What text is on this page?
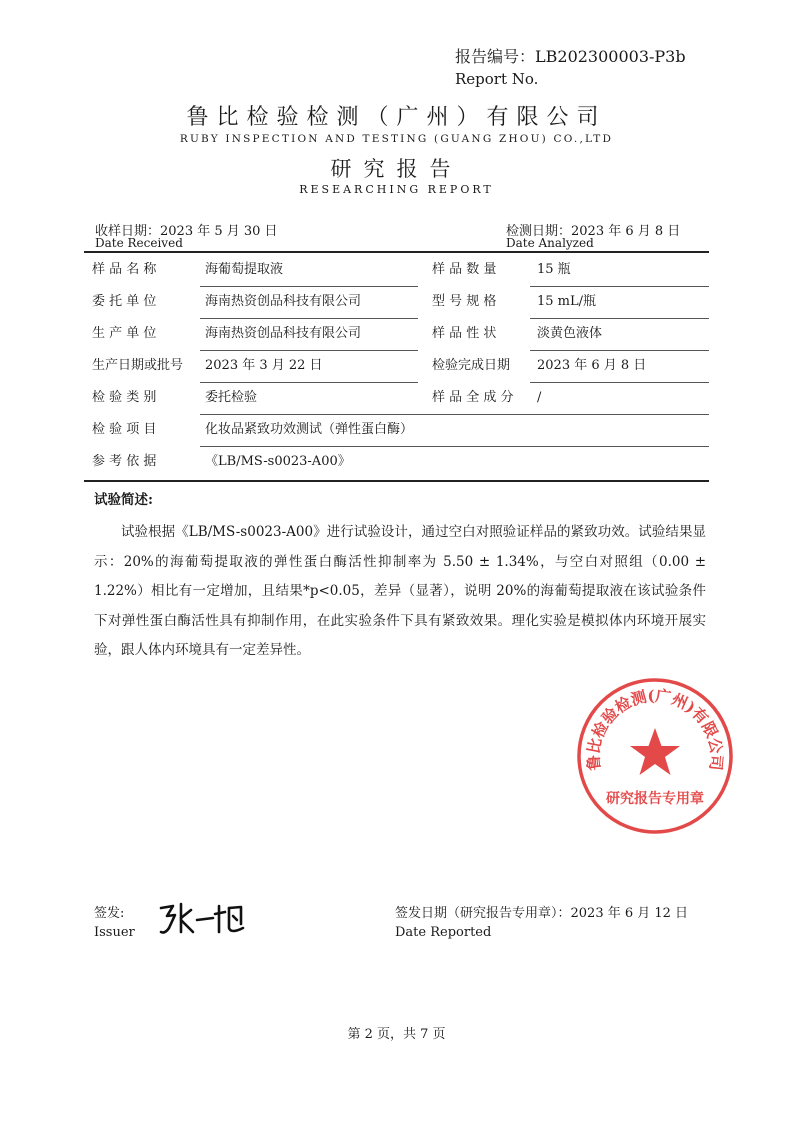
报告编号：LB202300003-P3b
Report No.
鲁比检验检测（广州）有限公司
RUBY INSPECTION AND TESTING (GUANG ZHOU) CO.,LTD
研究报告
RESEARCHING REPORT
收样日期：2023 年 5 月 30 日
Date Received
检测日期：2023 年 6 月 8 日
Date Analyzed
样 品 名 称	海葡萄提取液	样 品 数 量	15 瓶
委 托 单 位	海南热资创品科技有限公司	型 号 规 格	15 mL/瓶
生 产 单 位	海南热资创品科技有限公司	样 品 性 状	淡黄色液体
生产日期或批号 2023 年 3 月 22 日	检验完成日期 2023 年 6 月 8 日
检 验 类 别	委托检验	样 品 全 成 分 /
检 验 项 目	化妆品紧致功效测试（弹性蛋白酶）
参 考 依 据	《LB/MS-s0023-A00》
试验简述:
试验根据《LB/MS-s0023-A00》进行试验设计，通过空白对照验证样品的紧致功效。试验结果显示：20%的海葡萄提取液的弹性蛋白酶活性抑制率为 5.50 ± 1.34%，与空白对照组（0.00 ± 1.22%）相比有一定增加，且结果*p<0.05，差异（显著），说明 20%的海葡萄提取液在该试验条件下对弹性蛋白酶活性具有抑制作用，在此实验条件下具有紧致效果。理化实验是模拟体内环境开展实验，跟人体内环境具有一定差异性。
鲁比检验检测(广州)有限公司
研究报告专用章
签发:
Issuer
签发日期（研究报告专用章）：2023 年 6 月 12 日
Date Reported
第 2 页，共 7 页
